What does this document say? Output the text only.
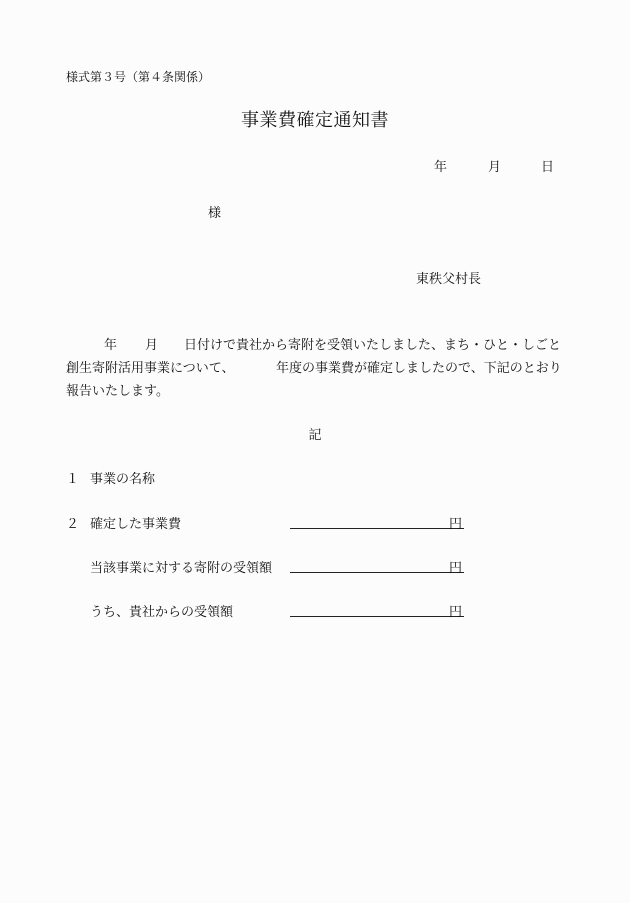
様式第３号（第４条関係）
事業費確定通知書
年	月	日
様
東秩父村長
年 月 日付けで貴社から寄附を受領いたしました、まち・ひと・しごと
創生寄附活用事業について、	年度の事業費が確定しましたので、下記のとおり
報告いたします。
記
１ 事業の名称
２ 確定した事業費	円
当該事業に対する寄附の受領額	円
うち、貴社からの受領額	円
